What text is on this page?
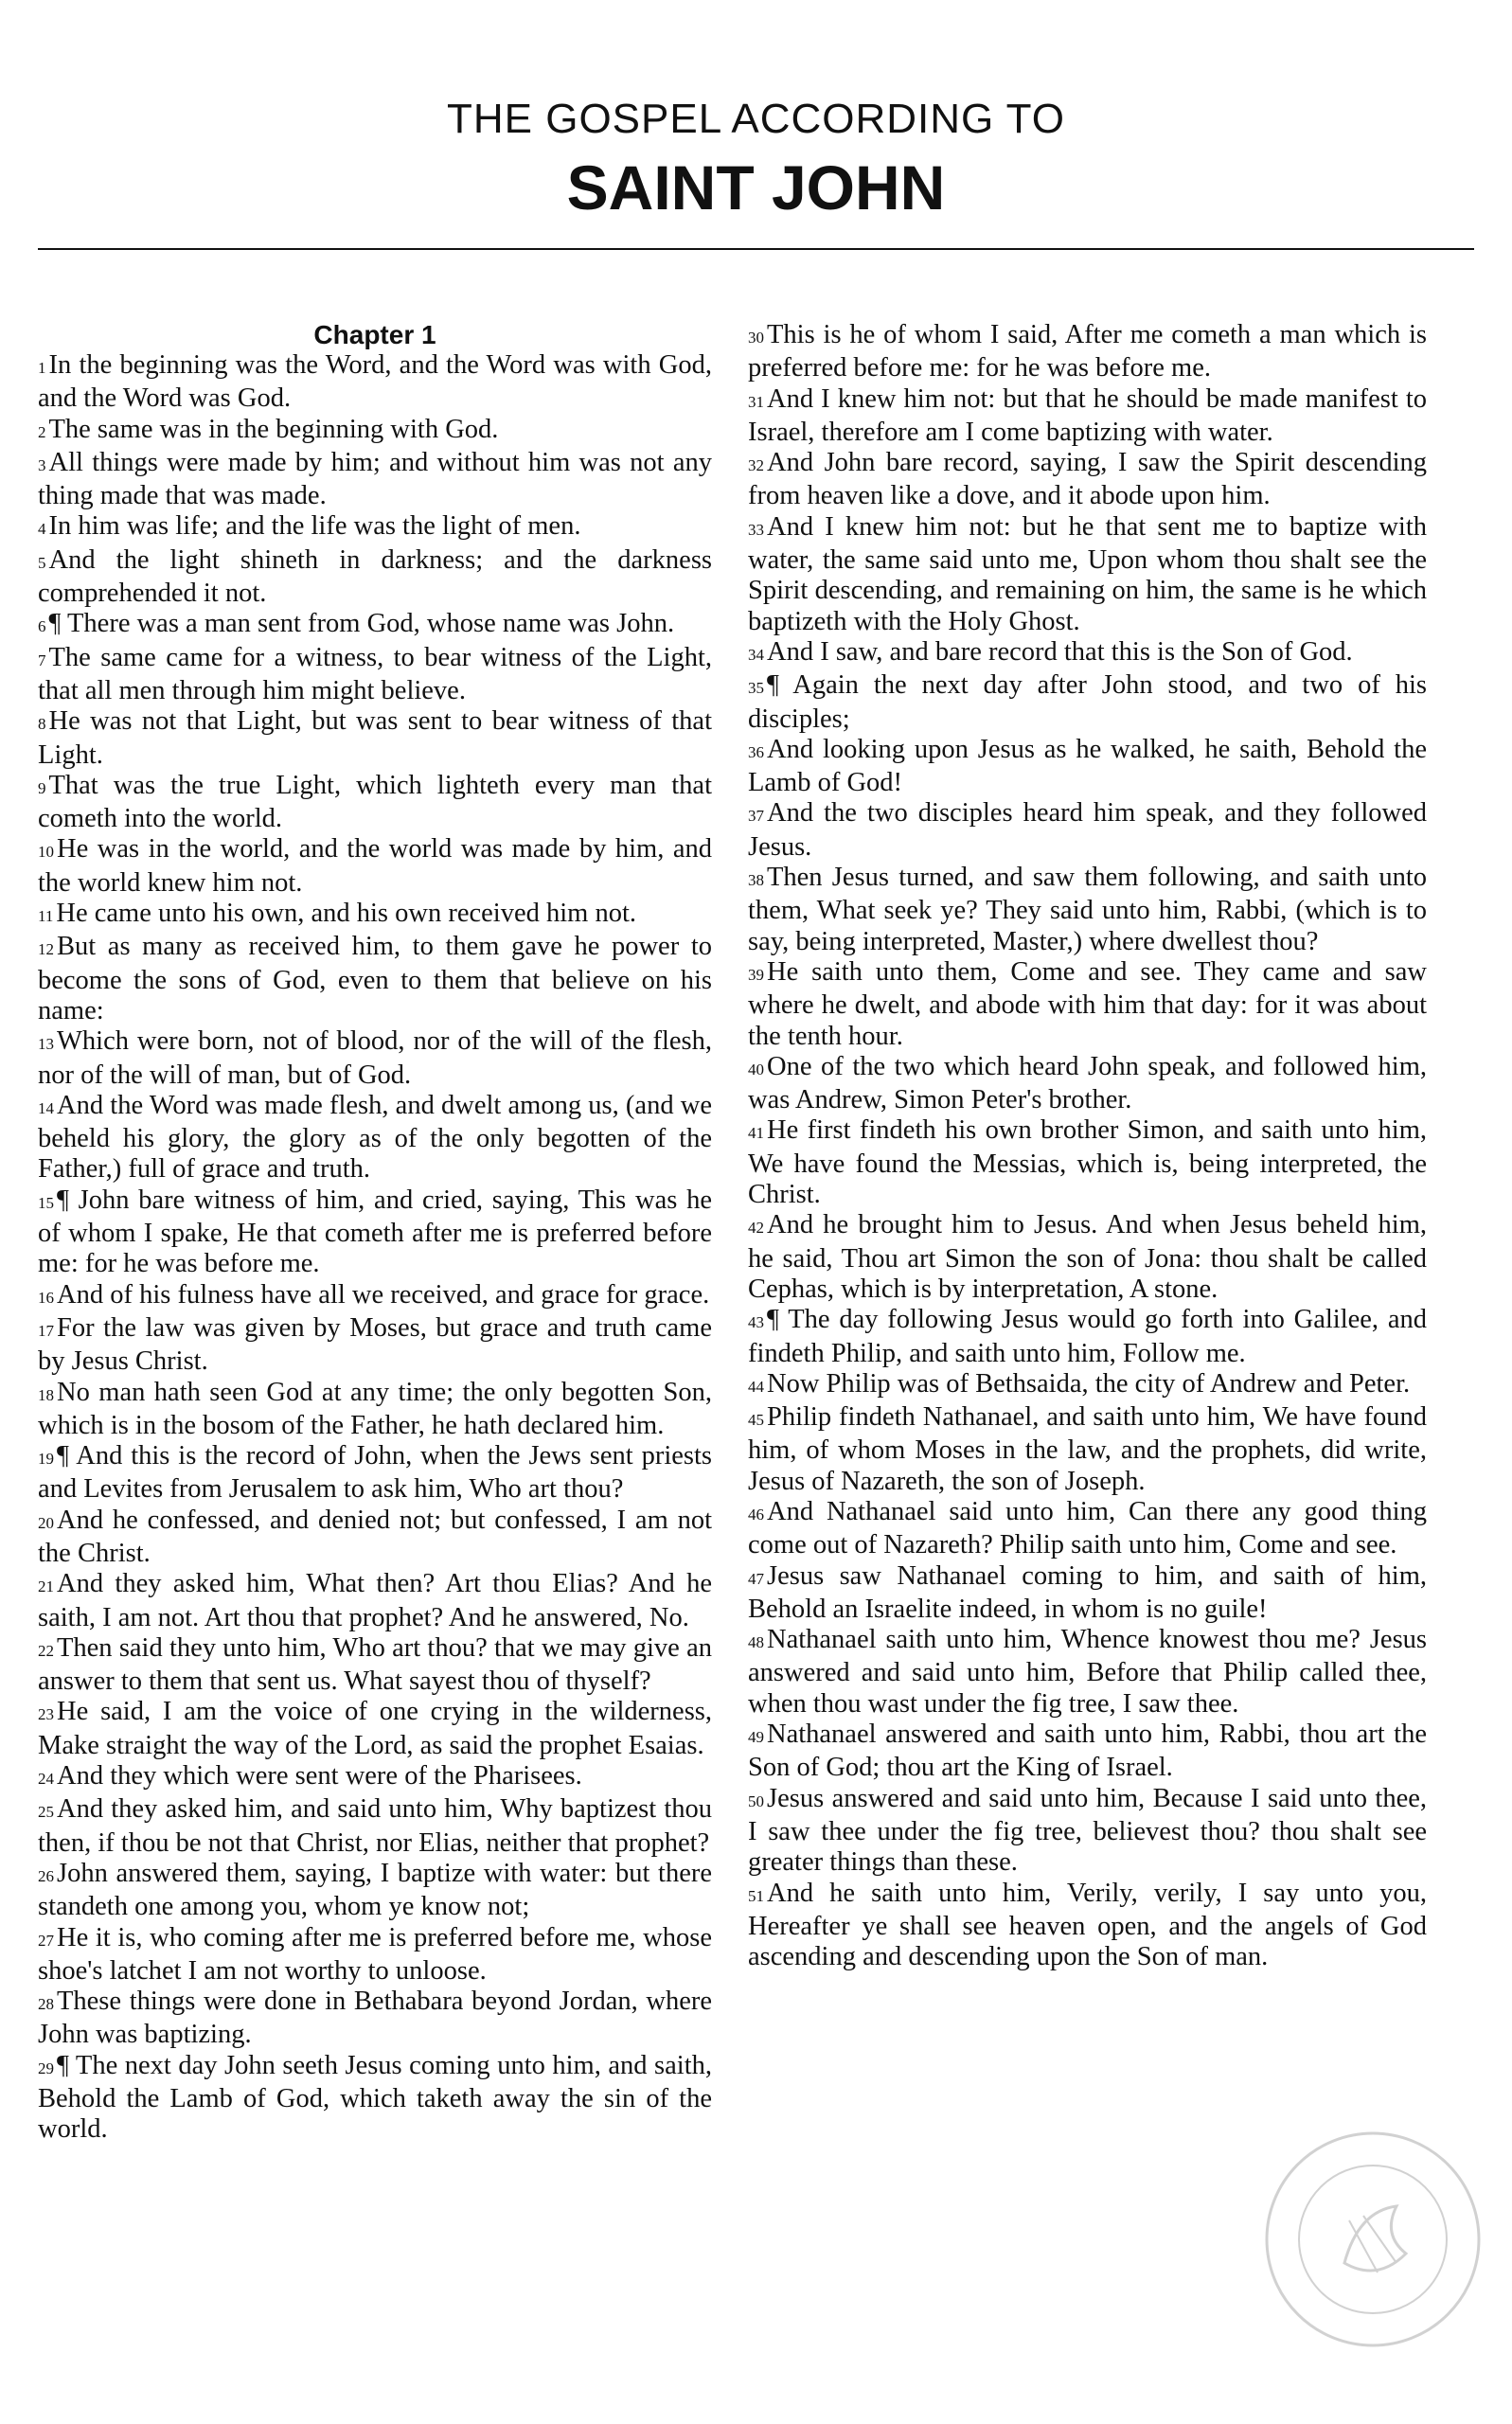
THE GOSPEL ACCORDING TO
SAINT JOHN

Chapter 1

1 In the beginning was the Word, and the Word was with God, and the Word was God.

2 The same was in the beginning with God.

3 All things were made by him; and without him was not any thing made that was made.

4 In him was life; and the life was the light of men.

5 And the light shineth in darkness; and the darkness comprehended it not.

6 ¶ There was a man sent from God, whose name was John.

7 The same came for a witness, to bear witness of the Light, that all men through him might believe.

8 He was not that Light, but was sent to bear witness of that Light.

9 That was the true Light, which lighteth every man that cometh into the world.

10 He was in the world, and the world was made by him, and the world knew him not.

11 He came unto his own, and his own received him not.

12 But as many as received him, to them gave he power to become the sons of God, even to them that believe on his name:

13 Which were born, not of blood, nor of the will of the flesh, nor of the will of man, but of God.

14 And the Word was made flesh, and dwelt among us, (and we beheld his glory, the glory as of the only begotten of the Father,) full of grace and truth.

15 ¶ John bare witness of him, and cried, saying, This was he of whom I spake, He that cometh after me is preferred before me: for he was before me.

16 And of his fulness have all we received, and grace for grace.

17 For the law was given by Moses, but grace and truth came by Jesus Christ.

18 No man hath seen God at any time; the only begotten Son, which is in the bosom of the Father, he hath declared him.

19 ¶ And this is the record of John, when the Jews sent priests and Levites from Jerusalem to ask him, Who art thou?

20 And he confessed, and denied not; but confessed, I am not the Christ.

21 And they asked him, What then? Art thou Elias? And he saith, I am not. Art thou that prophet? And he answered, No.

22 Then said they unto him, Who art thou? that we may give an answer to them that sent us. What sayest thou of thyself?

23 He said, I am the voice of one crying in the wilderness, Make straight the way of the Lord, as said the prophet Esaias.

24 And they which were sent were of the Pharisees.

25 And they asked him, and said unto him, Why baptizest thou then, if thou be not that Christ, nor Elias, neither that prophet?

26 John answered them, saying, I baptize with water: but there standeth one among you, whom ye know not;

27 He it is, who coming after me is preferred before me, whose shoe's latchet I am not worthy to unloose.

28 These things were done in Bethabara beyond Jordan, where John was baptizing.

29 ¶ The next day John seeth Jesus coming unto him, and saith, Behold the Lamb of God, which taketh away the sin of the world.

30 This is he of whom I said, After me cometh a man which is preferred before me: for he was before me.

31 And I knew him not: but that he should be made manifest to Israel, therefore am I come baptizing with water.

32 And John bare record, saying, I saw the Spirit descending from heaven like a dove, and it abode upon him.

33 And I knew him not: but he that sent me to baptize with water, the same said unto me, Upon whom thou shalt see the Spirit descending, and remaining on him, the same is he which baptizeth with the Holy Ghost.

34 And I saw, and bare record that this is the Son of God.

35 ¶ Again the next day after John stood, and two of his disciples;

36 And looking upon Jesus as he walked, he saith, Behold the Lamb of God!

37 And the two disciples heard him speak, and they followed Jesus.

38 Then Jesus turned, and saw them following, and saith unto them, What seek ye? They said unto him, Rabbi, (which is to say, being interpreted, Master,) where dwellest thou?

39 He saith unto them, Come and see. They came and saw where he dwelt, and abode with him that day: for it was about the tenth hour.

40 One of the two which heard John speak, and followed him, was Andrew, Simon Peter's brother.

41 He first findeth his own brother Simon, and saith unto him, We have found the Messias, which is, being interpreted, the Christ.

42 And he brought him to Jesus. And when Jesus beheld him, he said, Thou art Simon the son of Jona: thou shalt be called Cephas, which is by interpretation, A stone.

43 ¶ The day following Jesus would go forth into Galilee, and findeth Philip, and saith unto him, Follow me.

44 Now Philip was of Bethsaida, the city of Andrew and Peter.

45 Philip findeth Nathanael, and saith unto him, We have found him, of whom Moses in the law, and the prophets, did write, Jesus of Nazareth, the son of Joseph.

46 And Nathanael said unto him, Can there any good thing come out of Nazareth? Philip saith unto him, Come and see.

47 Jesus saw Nathanael coming to him, and saith of him, Behold an Israelite indeed, in whom is no guile!

48 Nathanael saith unto him, Whence knowest thou me? Jesus answered and said unto him, Before that Philip called thee, when thou wast under the fig tree, I saw thee.

49 Nathanael answered and saith unto him, Rabbi, thou art the Son of God; thou art the King of Israel.

50 Jesus answered and said unto him, Because I said unto thee, I saw thee under the fig tree, believest thou? thou shalt see greater things than these.

51 And he saith unto him, Verily, verily, I say unto you, Hereafter ye shall see heaven open, and the angels of God ascending and descending upon the Son of man.
